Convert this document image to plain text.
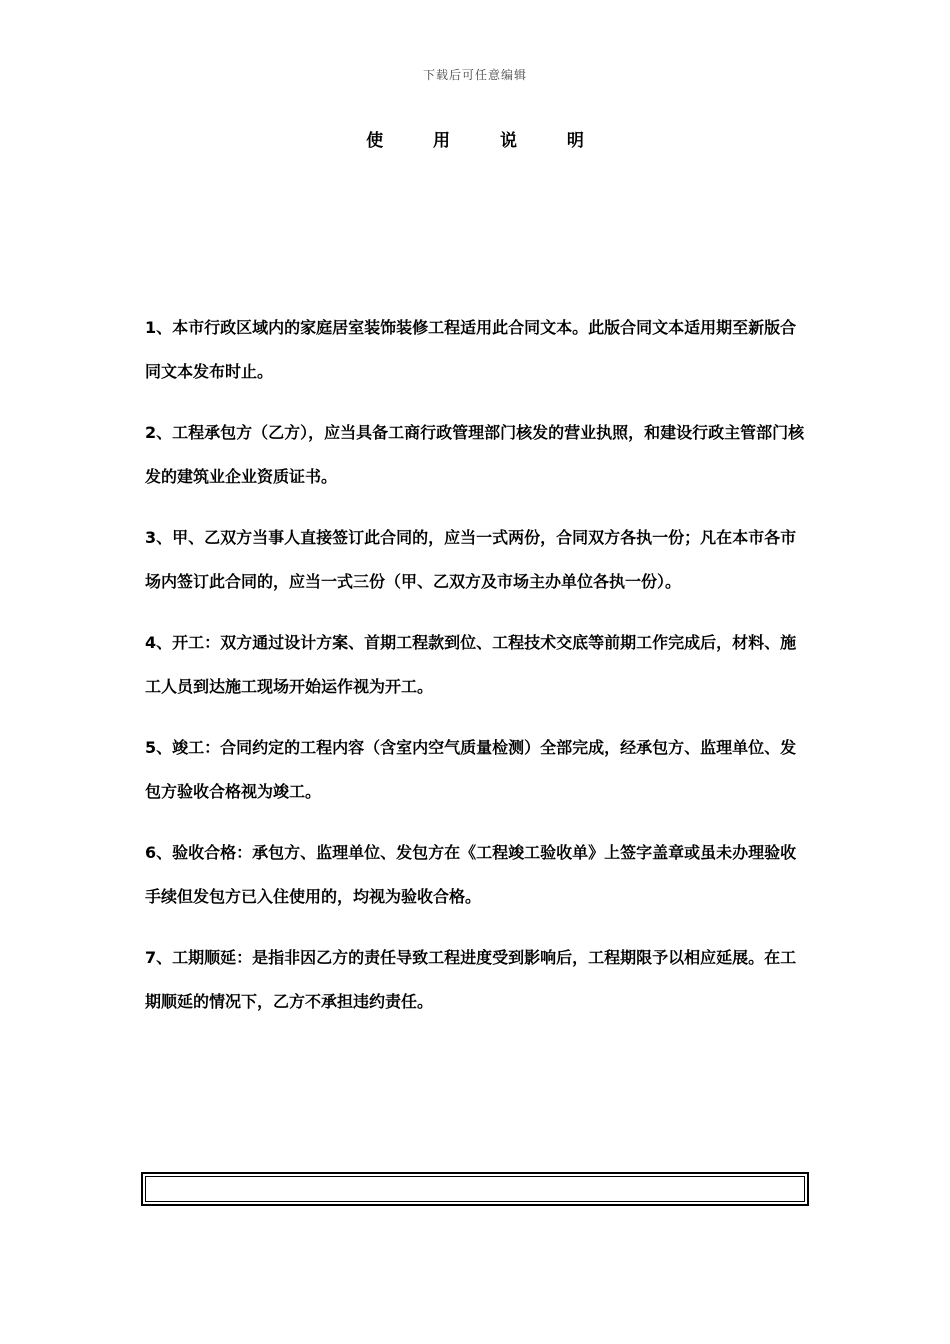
下载后可任意编辑
使 用 说 明

1、本市行政区域内的家庭居室装饰装修工程适用此合同文本。此版合同文本适用期至新版合同文本发布时止。

2、工程承包方（乙方），应当具备工商行政管理部门核发的营业执照，和建设行政主管部门核发的建筑业企业资质证书。

3、甲、乙双方当事人直接签订此合同的，应当一式两份，合同双方各执一份；凡在本市各市场内签订此合同的，应当一式三份（甲、乙双方及市场主办单位各执一份）。

4、开工：双方通过设计方案、首期工程款到位、工程技术交底等前期工作完成后，材料、施工人员到达施工现场开始运作视为开工。

5、竣工：合同约定的工程内容（含室内空气质量检测）全部完成，经承包方、监理单位、发包方验收合格视为竣工。

6、验收合格：承包方、监理单位、发包方在《工程竣工验收单》上签字盖章或虽未办理验收手续但发包方已入住使用的，均视为验收合格。

7、工期顺延：是指非因乙方的责任导致工程进度受到影响后，工程期限予以相应延展。在工期顺延的情况下，乙方不承担违约责任。
